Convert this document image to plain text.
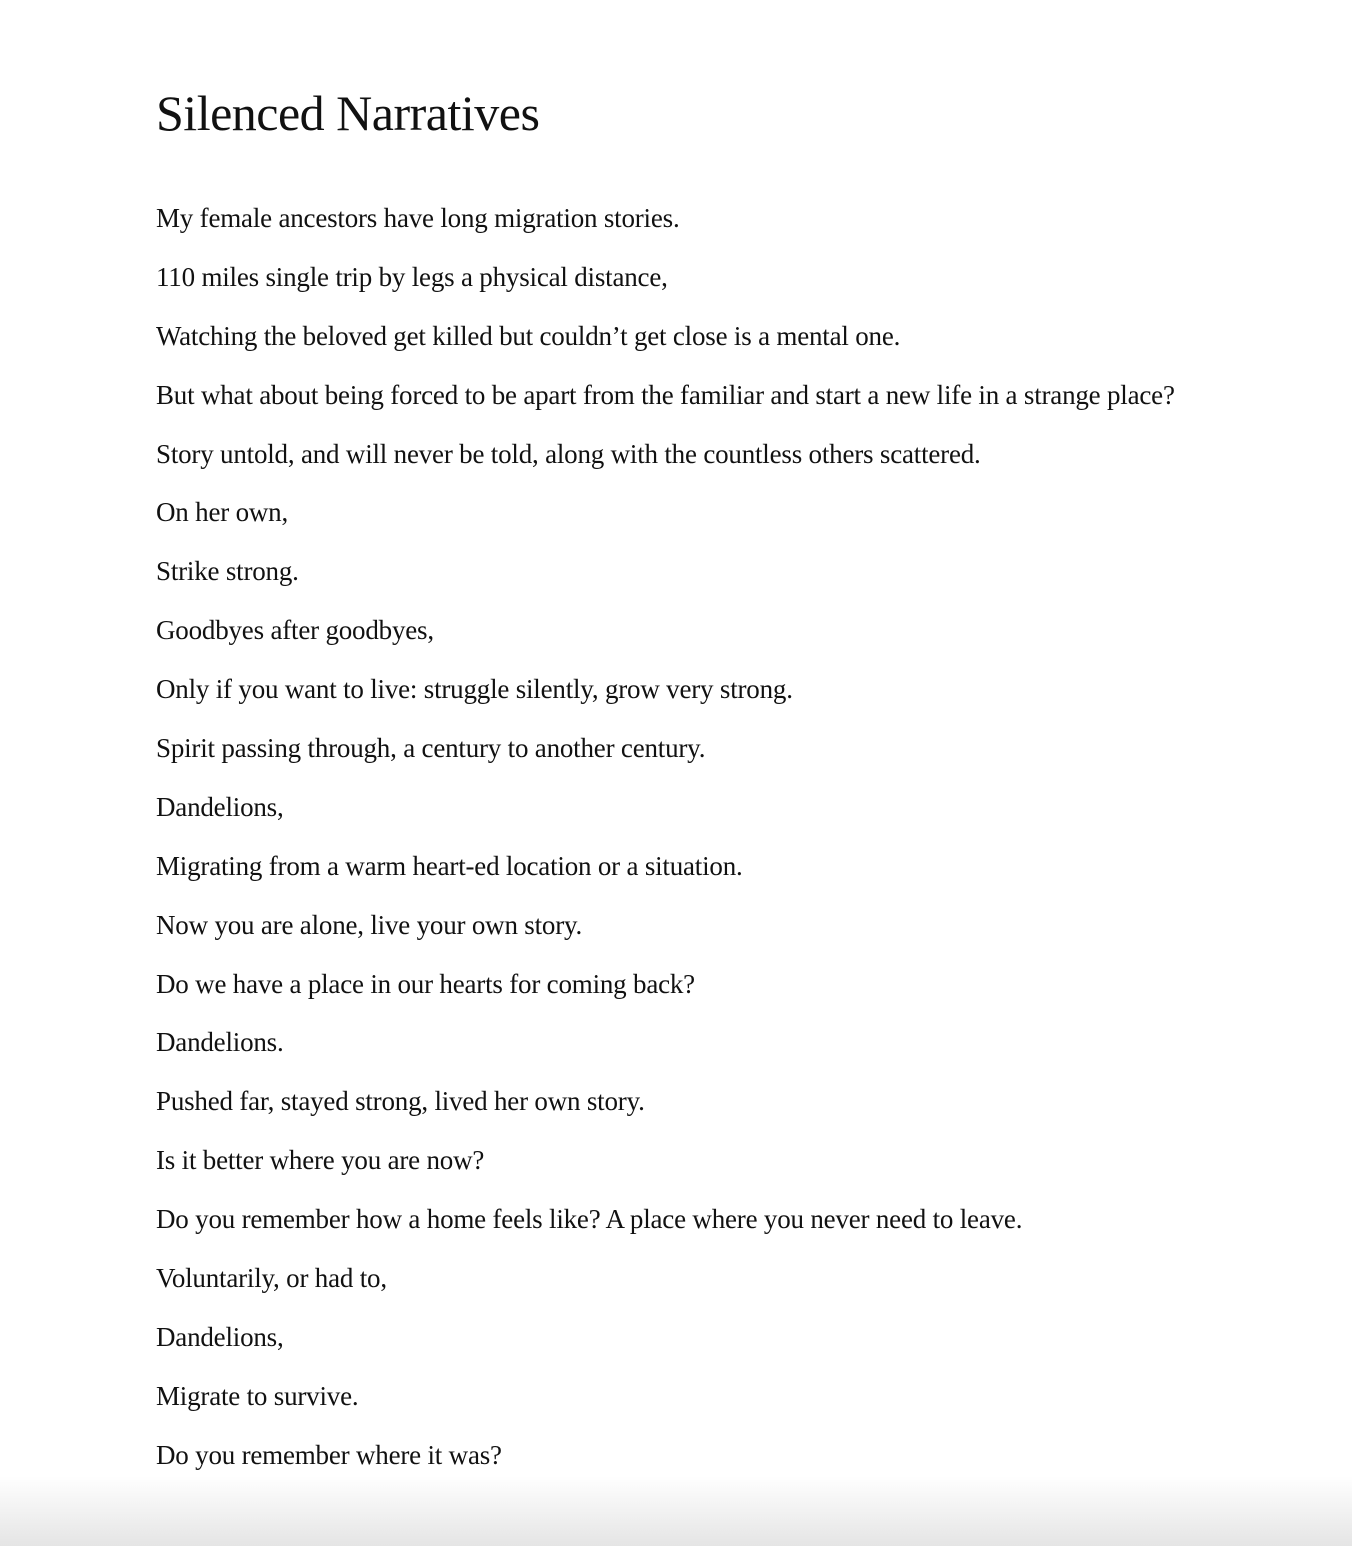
Silenced Narratives
My female ancestors have long migration stories.
110 miles single trip by legs a physical distance,
Watching the beloved get killed but couldn’t get close is a mental one.
But what about being forced to be apart from the familiar and start a new life in a strange place?
Story untold, and will never be told, along with the countless others scattered.
On her own,
Strike strong.
Goodbyes after goodbyes,
Only if you want to live: struggle silently, grow very strong.
Spirit passing through, a century to another century.
Dandelions,
Migrating from a warm heart-ed location or a situation.
Now you are alone, live your own story.
Do we have a place in our hearts for coming back?
Dandelions.
Pushed far, stayed strong, lived her own story.
Is it better where you are now?
Do you remember how a home feels like? A place where you never need to leave.
Voluntarily, or had to,
Dandelions,
Migrate to survive.
Do you remember where it was?
